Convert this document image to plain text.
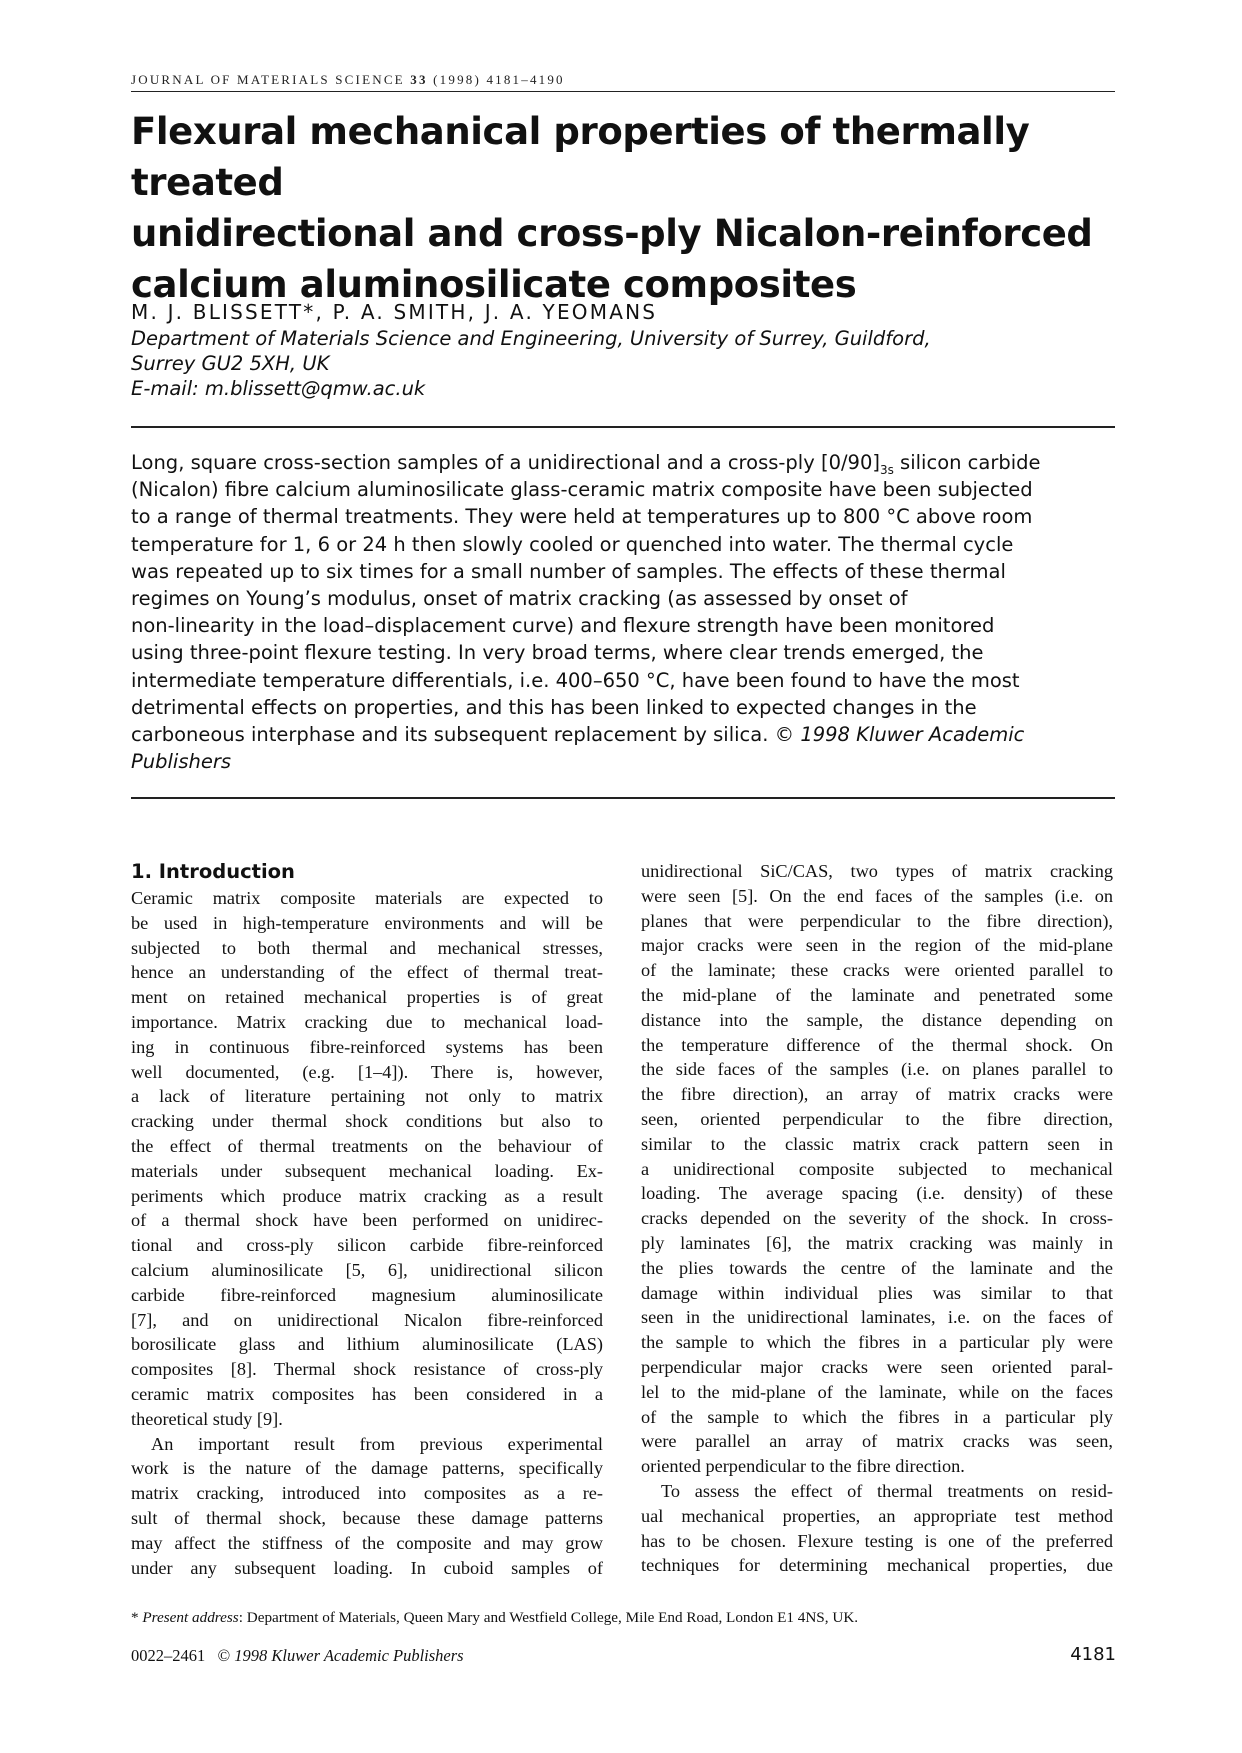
JOURNAL OF MATERIALS SCIENCE 33 (1998) 4181–4190
Flexural mechanical properties of thermally treated
unidirectional and cross-ply Nicalon-reinforced
calcium aluminosilicate composites
M. J. BLISSETT*, P. A. SMITH, J. A. YEOMANS
Department of Materials Science and Engineering, University of Surrey, Guildford,
Surrey GU2 5XH, UK
E-mail: m.blissett@qmw.ac.uk
Long, square cross-section samples of a unidirectional and a cross-ply $[0/90]_{3s}$ silicon carbide
(Nicalon) fibre calcium aluminosilicate glass-ceramic matrix composite have been subjected
to a range of thermal treatments. They were held at temperatures up to 800 °C above room
temperature for 1, 6 or 24 h then slowly cooled or quenched into water. The thermal cycle
was repeated up to six times for a small number of samples. The effects of these thermal
regimes on Young’s modulus, onset of matrix cracking (as assessed by onset of
non-linearity in the load–displacement curve) and flexure strength have been monitored
using three-point flexure testing. In very broad terms, where clear trends emerged, the
intermediate temperature differentials, i.e. 400–650 °C, have been found to have the most
detrimental effects on properties, and this has been linked to expected changes in the
carboneous interphase and its subsequent replacement by silica. © 1998 Kluwer Academic
Publishers
1. Introduction
Ceramic matrix composite materials are expected to
be used in high-temperature environments and will be
subjected to both thermal and mechanical stresses,
hence an understanding of the effect of thermal treat-
ment on retained mechanical properties is of great
importance. Matrix cracking due to mechanical load-
ing in continuous fibre-reinforced systems has been
well documented, (e.g. [1–4]). There is, however,
a lack of literature pertaining not only to matrix
cracking under thermal shock conditions but also to
the effect of thermal treatments on the behaviour of
materials under subsequent mechanical loading. Ex-
periments which produce matrix cracking as a result
of a thermal shock have been performed on unidirec-
tional and cross-ply silicon carbide fibre-reinforced
calcium aluminosilicate [5, 6], unidirectional silicon
carbide fibre-reinforced magnesium aluminosilicate
[7], and on unidirectional Nicalon fibre-reinforced
borosilicate glass and lithium aluminosilicate (LAS)
composites [8]. Thermal shock resistance of cross-ply
ceramic matrix composites has been considered in a
theoretical study [9].
An important result from previous experimental
work is the nature of the damage patterns, specifically
matrix cracking, introduced into composites as a re-
sult of thermal shock, because these damage patterns
may affect the stiffness of the composite and may grow
under any subsequent loading. In cuboid samples of
unidirectional SiC/CAS, two types of matrix cracking
were seen [5]. On the end faces of the samples (i.e. on
planes that were perpendicular to the fibre direction),
major cracks were seen in the region of the mid-plane
of the laminate; these cracks were oriented parallel to
the mid-plane of the laminate and penetrated some
distance into the sample, the distance depending on
the temperature difference of the thermal shock. On
the side faces of the samples (i.e. on planes parallel to
the fibre direction), an array of matrix cracks were
seen, oriented perpendicular to the fibre direction,
similar to the classic matrix crack pattern seen in
a unidirectional composite subjected to mechanical
loading. The average spacing (i.e. density) of these
cracks depended on the severity of the shock. In cross-
ply laminates [6], the matrix cracking was mainly in
the plies towards the centre of the laminate and the
damage within individual plies was similar to that
seen in the unidirectional laminates, i.e. on the faces of
the sample to which the fibres in a particular ply were
perpendicular major cracks were seen oriented paral-
lel to the mid-plane of the laminate, while on the faces
of the sample to which the fibres in a particular ply
were parallel an array of matrix cracks was seen,
oriented perpendicular to the fibre direction.
To assess the effect of thermal treatments on resid-
ual mechanical properties, an appropriate test method
has to be chosen. Flexure testing is one of the preferred
techniques for determining mechanical properties, due
* Present address: Department of Materials, Queen Mary and Westfield College, Mile End Road, London E1 4NS, UK.
0022–2461 © 1998 Kluwer Academic Publishers	4181
